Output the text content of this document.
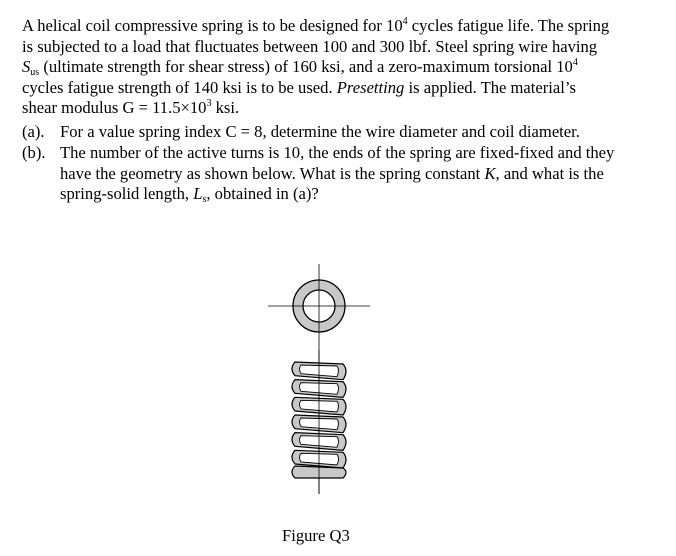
A helical coil compressive spring is to be designed for $10^4$ cycles fatigue life. The spring
is subjected to a load that fluctuates between 100 and 300 lbf. Steel spring wire having
$S_{us}$ (ultimate strength for shear stress) of 160 ksi, and a zero-maximum torsional $10^4$
cycles fatigue strength of 140 ksi is to be used. Presetting is applied. The material’s
shear modulus $G = 11.5\times 10^3$ ksi.
(a). For a value spring index C = 8, determine the wire diameter and coil diameter.
(b). The number of the active turns is 10, the ends of the spring are fixed-fixed and they
have the geometry as shown below. What is the spring constant K, and what is the
spring-solid length, $L_s$, obtained in (a)?
Figure Q3
